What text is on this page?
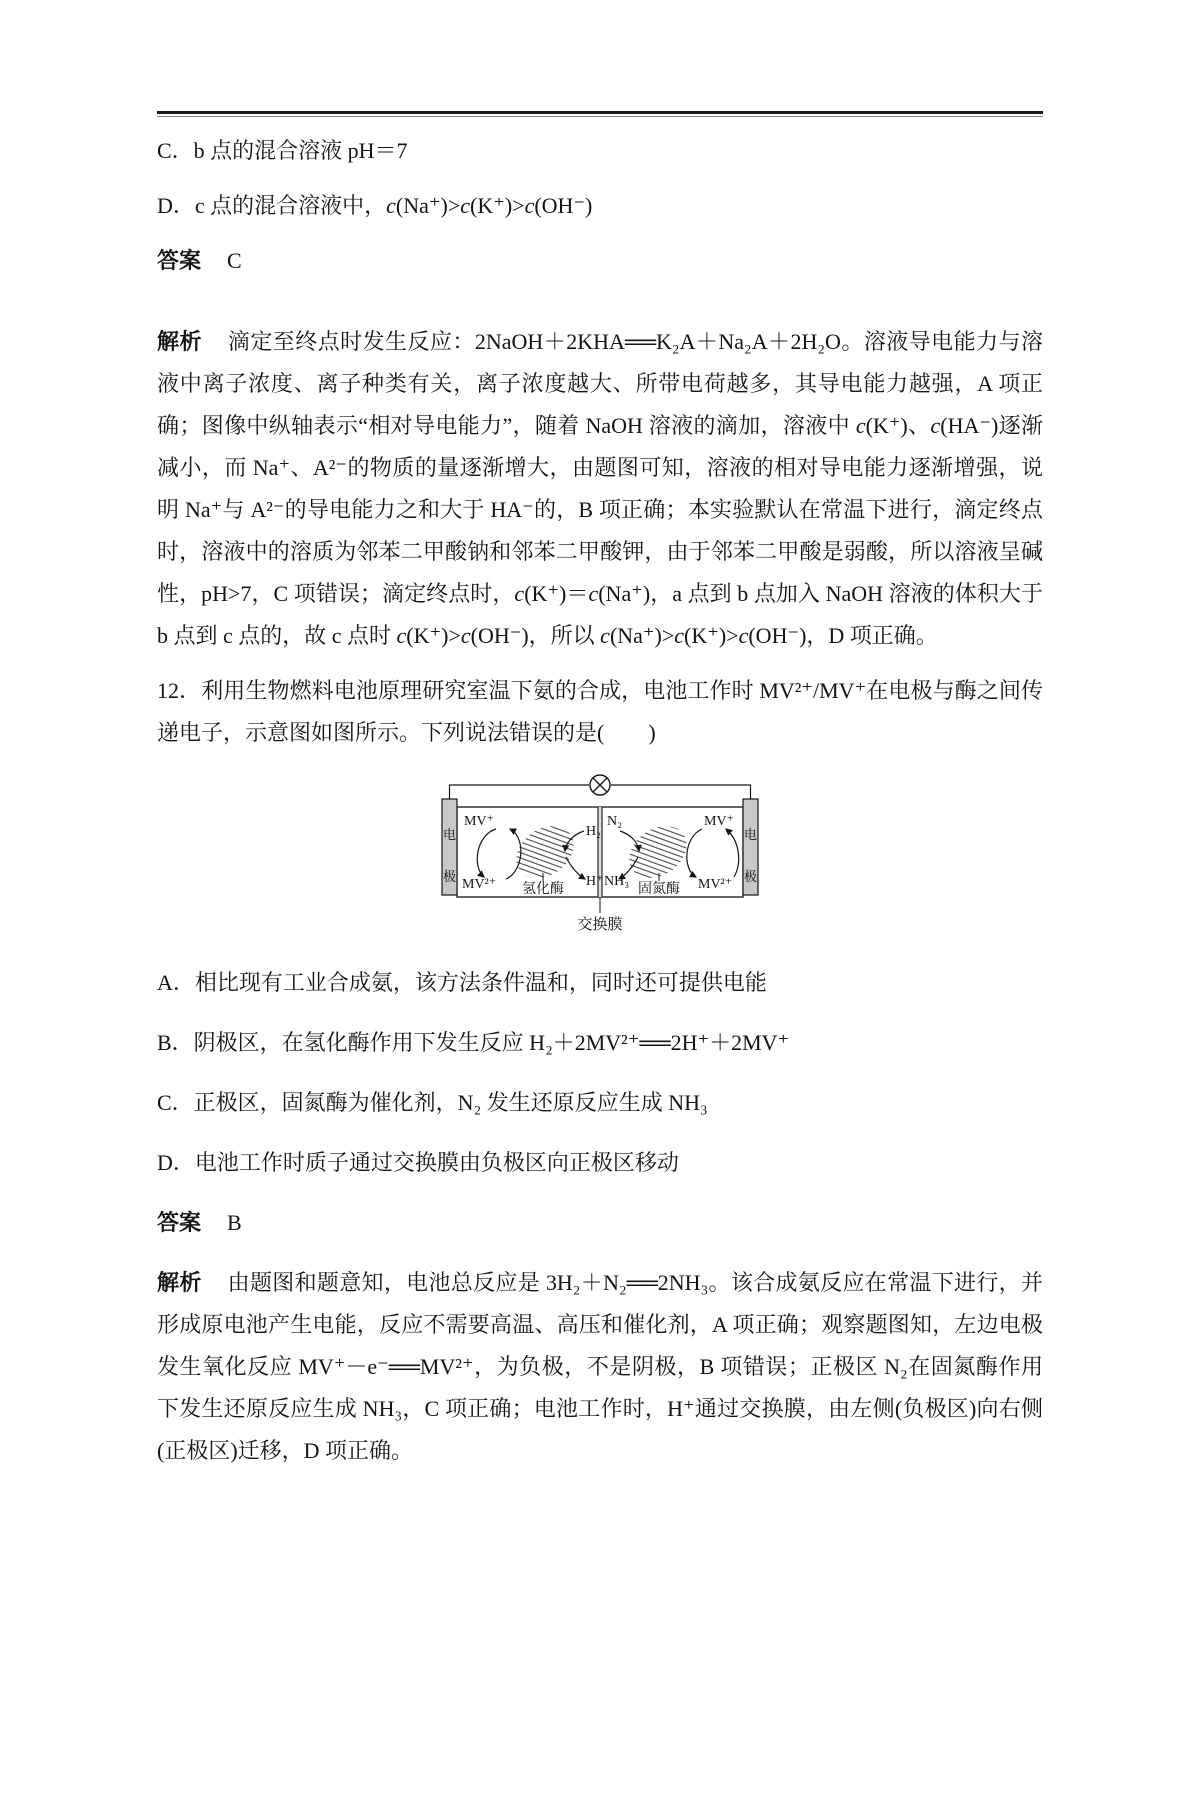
C．b 点的混合溶液 pH＝7

D．c 点的混合溶液中，c(Na⁺)>c(K⁺)>c(OH⁻)

答案 C

解析 滴定至终点时发生反应：2NaOH＋2KHA══K₂A＋Na₂A＋2H₂O。溶液导电能力与溶液中离子浓度、离子种类有关，离子浓度越大、所带电荷越多，其导电能力越强，A 项正确；图像中纵轴表示“相对导电能力”，随着 NaOH 溶液的滴加，溶液中 c(K⁺)、c(HA⁻)逐渐减小，而 Na⁺、A²⁻的物质的量逐渐增大，由题图可知，溶液的相对导电能力逐渐增强，说明 Na⁺与 A²⁻的导电能力之和大于 HA⁻的，B 项正确；本实验默认在常温下进行，滴定终点时，溶液中的溶质为邻苯二甲酸钠和邻苯二甲酸钾，由于邻苯二甲酸是弱酸，所以溶液呈碱性，pH>7，C 项错误；滴定终点时，c(K⁺)＝c(Na⁺)，a 点到 b 点加入 NaOH 溶液的体积大于 b 点到 c 点的，故 c 点时 c(K⁺)>c(OH⁻)，所以 c(Na⁺)>c(K⁺)>c(OH⁻)，D 项正确。

12．利用生物燃料电池原理研究室温下氨的合成，电池工作时 MV²⁺/MV⁺在电极与酶之间传递电子，示意图如图所示。下列说法错误的是(　　)

电
极
电
极
MV⁺
MV²⁺
H₂
H⁺
N₂
NH₃
MV⁺
MV²⁺
氢化酶	固氮酶
交换膜

A．相比现有工业合成氨，该方法条件温和，同时还可提供电能

B．阴极区，在氢化酶作用下发生反应 H₂＋2MV²⁺══2H⁺＋2MV⁺

C．正极区，固氮酶为催化剂，N₂ 发生还原反应生成 NH₃

D．电池工作时质子通过交换膜由负极区向正极区移动

答案 B

解析 由题图和题意知，电池总反应是 3H₂＋N₂══2NH₃。该合成氨反应在常温下进行，并形成原电池产生电能，反应不需要高温、高压和催化剂，A 项正确；观察题图知，左边电极发生氧化反应 MV⁺－e⁻══MV²⁺，为负极，不是阴极，B 项错误；正极区 N₂在固氮酶作用下发生还原反应生成 NH₃，C 项正确；电池工作时，H⁺通过交换膜，由左侧(负极区)向右侧(正极区)迁移，D 项正确。
